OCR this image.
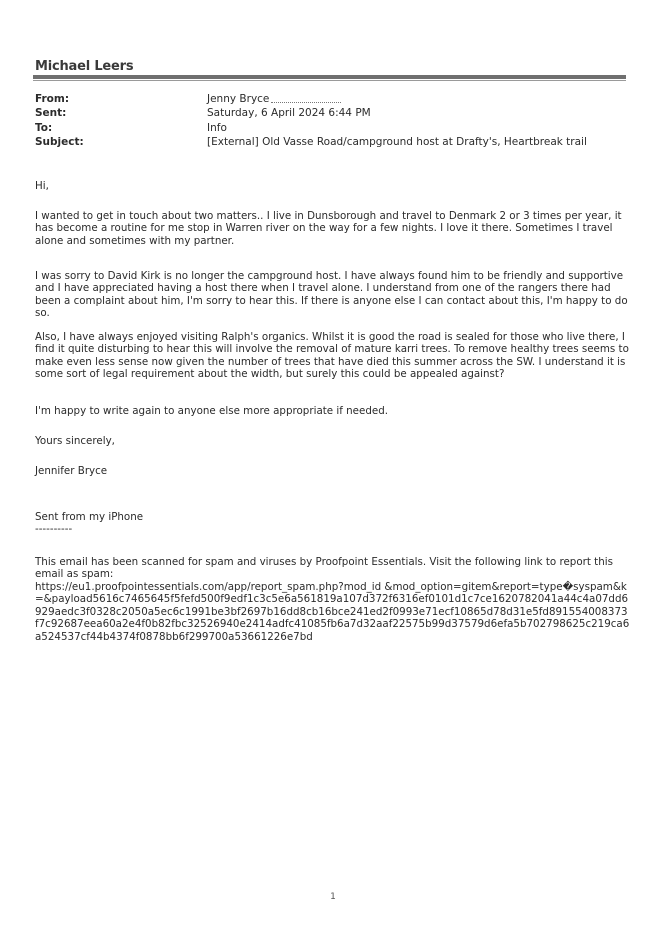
Michael Leers
From:	Jenny Bryce
Sent:	Saturday, 6 April 2024 6:44 PM
To:	Info
Subject:	[External] Old Vasse Road/campground host at Drafty's, Heartbreak trail
Hi,
I wanted to get in touch about two matters.. I live in Dunsborough and travel to Denmark 2 or 3 times per year, it has become a routine for me stop in Warren river on the way for a few nights. I love it there. Sometimes I travel alone and sometimes with my partner.
I was sorry to David Kirk is no longer the campground host. I have always found him to be friendly and supportive and I have appreciated having a host there when I travel alone. I understand from one of the rangers there had been a complaint about him, I'm sorry to hear this. If there is anyone else I can contact about this, I'm happy to do so.
Also, I have always enjoyed visiting Ralph's organics. Whilst it is good the road is sealed for those who live there, I find it quite disturbing to hear this will involve the removal of mature karri trees. To remove healthy trees seems to make even less sense now given the number of trees that have died this summer across the SW. I understand it is some sort of legal requirement about the width, but surely this could be appealed against?
I'm happy to write again to anyone else more appropriate if needed.
Yours sincerely,
Jennifer Bryce
Sent from my iPhone
----------
This email has been scanned for spam and viruses by Proofpoint Essentials. Visit the following link to report this email as spam:
https://eu1.proofpointessentials.com/app/report_spam.php?mod_id &mod_option=gitem&report=type�syspam&k=&payload5616c7465645f5fefd500f9edf1c3c5e6a561819a107d372f6316ef0101d1c7ce1620782041a44c4a07dd6929aedc3f0328c2050a5ec6c1991be3bf2697b16dd8cb16bce241ed2f0993e71ecf10865d78d31e5fd891554008373f7c92687eea60a2e4f0b82fbc32526940e2414adfc41085fb6a7d32aaf22575b99d37579d6efa5b702798625c219ca6a524537cf44b4374f0878bb6f299700a53661226e7bd
1
